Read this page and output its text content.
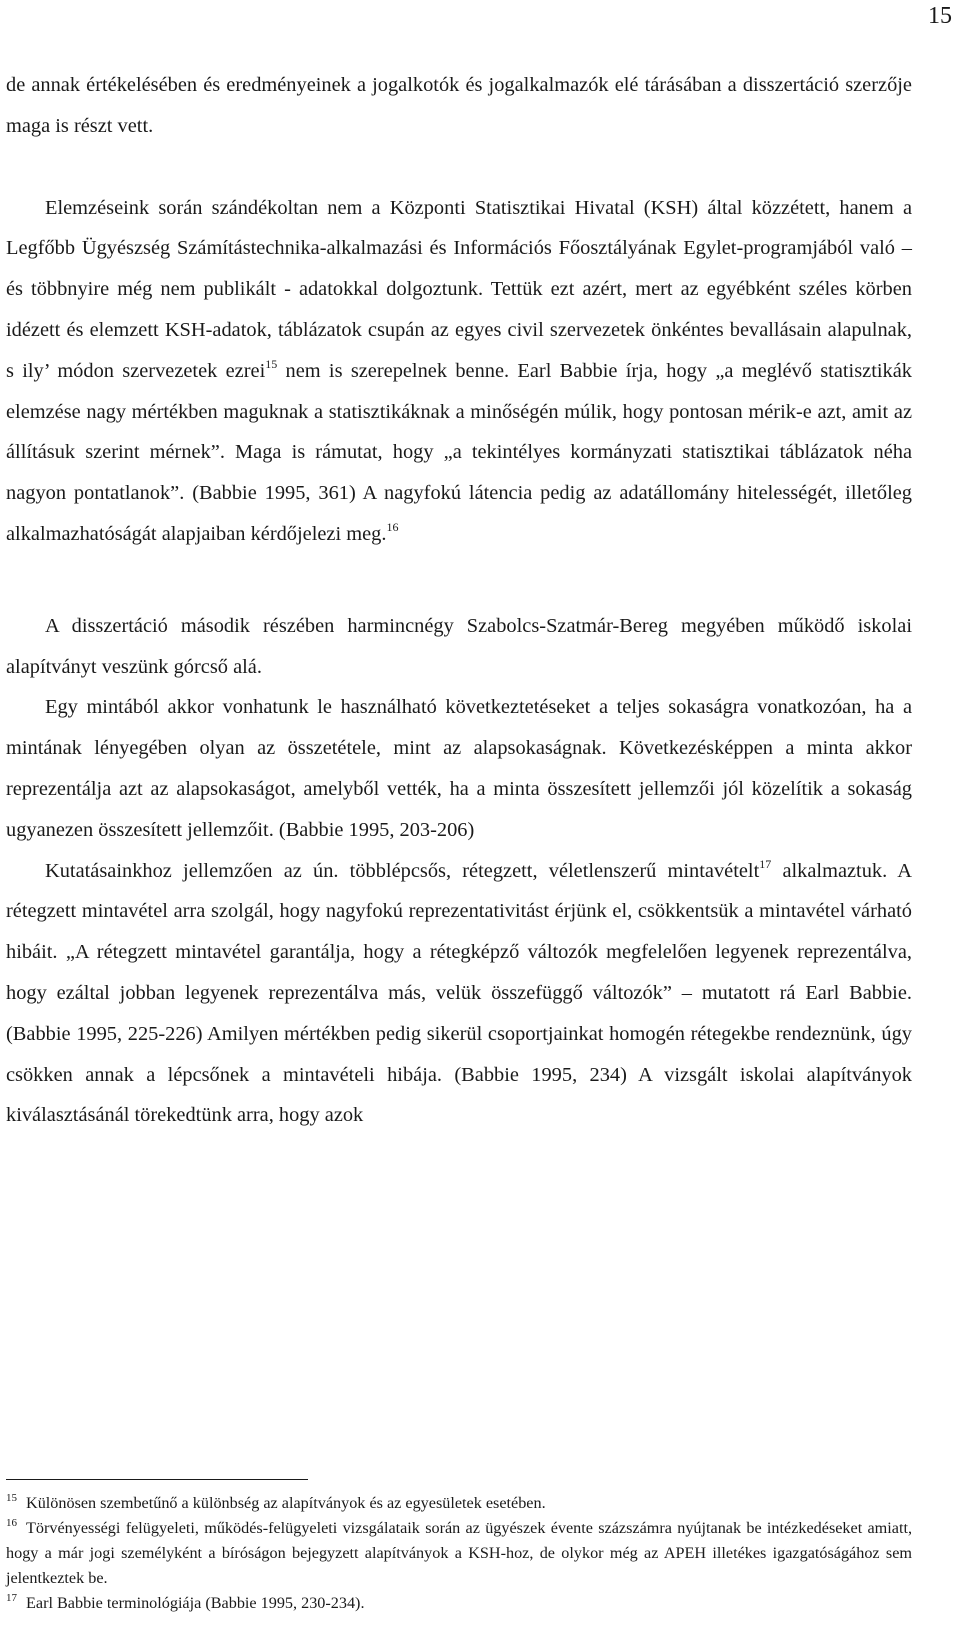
15

de annak értékelésében és eredményeinek a jogalkotók és jogalkalmazók elé tárásában a disszertáció szerzője maga is részt vett.

Elemzéseink során szándékoltan nem a Központi Statisztikai Hivatal (KSH) által közzétett, hanem a Legfőbb Ügyészség Számítástechnika-alkalmazási és Információs Főosztályának Egylet-programjából való – és többnyire még nem publikált - adatokkal dolgoztunk. Tettük ezt azért, mert az egyébként széles körben idézett és elemzett KSH-adatok, táblázatok csupán az egyes civil szervezetek önkéntes bevallásain alapulnak, s ily’ módon szervezetek ezrei$^{15}$ nem is szerepelnek benne. Earl Babbie írja, hogy „a meglévő statisztikák elemzése nagy mértékben maguknak a statisztikáknak a minőségén múlik, hogy pontosan mérik-e azt, amit az állításuk szerint mérnek”. Maga is rámutat, hogy „a tekintélyes kormányzati statisztikai táblázatok néha nagyon pontatlanok”. (Babbie 1995, 361) A nagyfokú látencia pedig az adatállomány hitelességét, illetőleg alkalmazhatóságát alapjaiban kérdőjelezi meg.$^{16}$

A disszertáció második részében harmincnégy Szabolcs-Szatmár-Bereg megyében működő iskolai alapítványt veszünk górcső alá.

Egy mintából akkor vonhatunk le használható következtetéseket a teljes sokaságra vonatkozóan, ha a mintának lényegében olyan az összetétele, mint az alapsokaságnak. Következésképpen a minta akkor reprezentálja azt az alapsokaságot, amelyből vették, ha a minta összesített jellemzői jól közelítik a sokaság ugyanezen összesített jellemzőit. (Babbie 1995, 203-206)

Kutatásainkhoz jellemzően az ún. többlépcsős, rétegzett, véletlenszerű mintavételt$^{17}$ alkalmaztuk. A rétegzett mintavétel arra szolgál, hogy nagyfokú reprezentativitást érjünk el, csökkentsük a mintavétel várható hibáit. „A rétegzett mintavétel garantálja, hogy a rétegképző változók megfelelően legyenek reprezentálva, hogy ezáltal jobban legyenek reprezentálva más, velük összefüggő változók” – mutatott rá Earl Babbie. (Babbie 1995, 225-226) Amilyen mértékben pedig sikerül csoportjainkat homogén rétegekbe rendeznünk, úgy csökken annak a lépcsőnek a mintavételi hibája. (Babbie 1995, 234) A vizsgált iskolai alapítványok kiválasztásánál törekedtünk arra, hogy azok

15 Különösen szembetűnő a különbség az alapítványok és az egyesületek esetében.

16 Törvényességi felügyeleti, működés-felügyeleti vizsgálataik során az ügyészek évente százszámra nyújtanak be intézkedéseket amiatt, hogy a már jogi személyként a bíróságon bejegyzett alapítványok a KSH-hoz, de olykor még az APEH illetékes igazgatóságához sem jelentkeztek be.

17 Earl Babbie terminológiája (Babbie 1995, 230-234).
